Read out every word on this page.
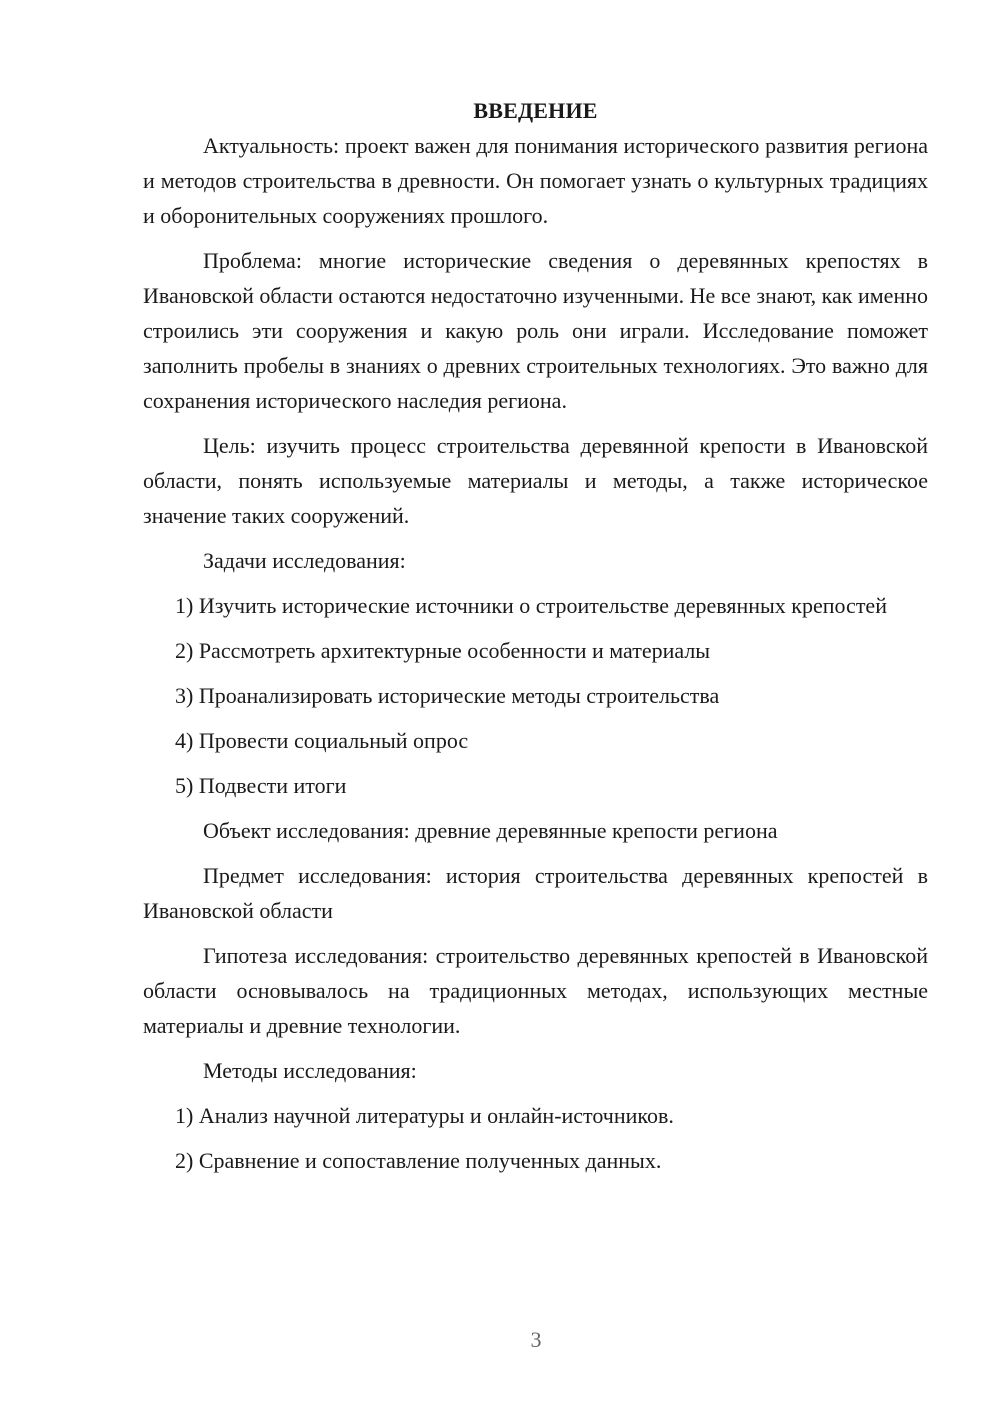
ВВЕДЕНИЕ

Актуальность: проект важен для понимания исторического развития региона и методов строительства в древности. Он помогает узнать о культурных традициях и оборонительных сооружениях прошлого.

Проблема: многие исторические сведения о деревянных крепостях в Ивановской области остаются недостаточно изученными. Не все знают, как именно строились эти сооружения и какую роль они играли. Исследование поможет заполнить пробелы в знаниях о древних строительных технологиях. Это важно для сохранения исторического наследия региона.

Цель: изучить процесс строительства деревянной крепости в Ивановской области, понять используемые материалы и методы, а также историческое значение таких сооружений.

Задачи исследования:

1) Изучить исторические источники о строительстве деревянных крепостей

2) Рассмотреть архитектурные особенности и материалы

3) Проанализировать исторические методы строительства

4) Провести социальный опрос

5) Подвести итоги

Объект исследования: древние деревянные крепости региона

Предмет исследования: история строительства деревянных крепостей в Ивановской области

Гипотеза исследования: строительство деревянных крепостей в Ивановской области основывалось на традиционных методах, использующих местные материалы и древние технологии.

Методы исследования:

1) Анализ научной литературы и онлайн-источников.

2) Сравнение и сопоставление полученных данных.

3
